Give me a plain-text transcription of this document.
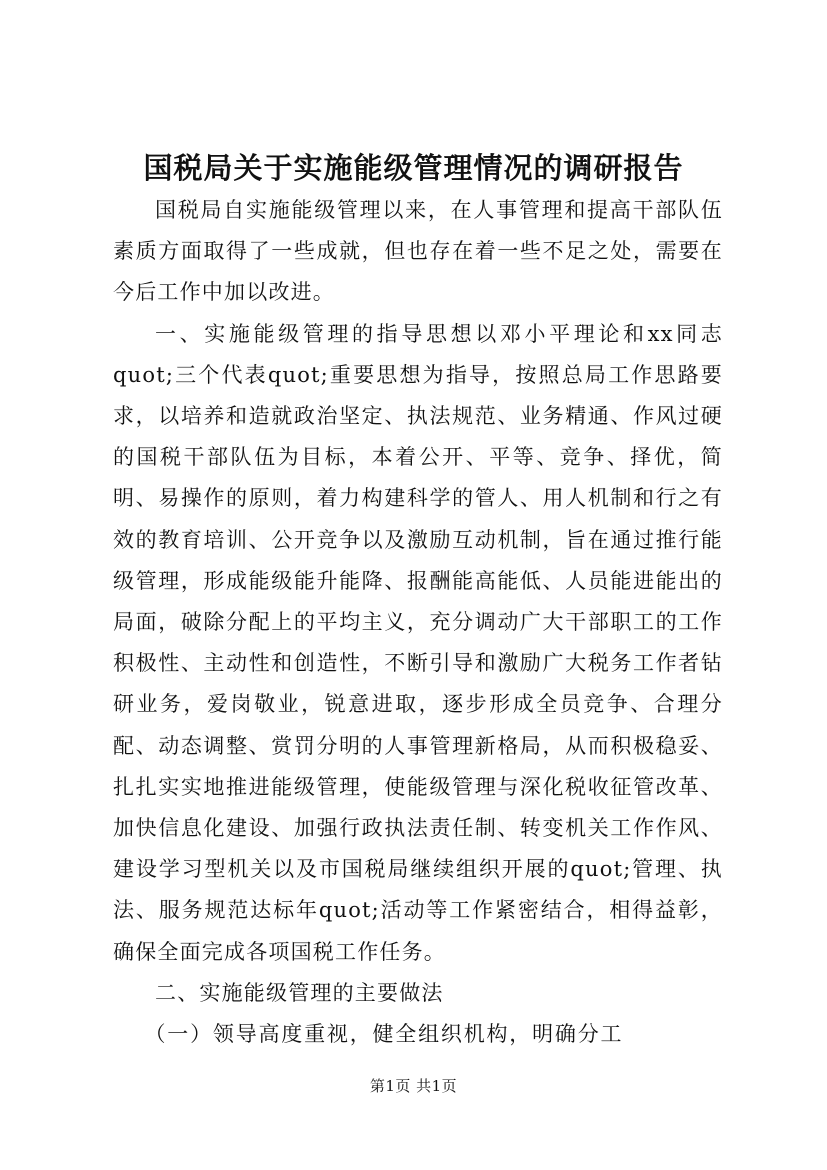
国税局关于实施能级管理情况的调研报告

国税局自实施能级管理以来，在人事管理和提高干部队伍素质方面取得了一些成就，但也存在着一些不足之处，需要在今后工作中加以改进。

一、实施能级管理的指导思想以邓小平理论和xx同志quot;三个代表quot;重要思想为指导，按照总局工作思路要求，以培养和造就政治坚定、执法规范、业务精通、作风过硬的国税干部队伍为目标，本着公开、平等、竞争、择优，简明、易操作的原则，着力构建科学的管人、用人机制和行之有效的教育培训、公开竞争以及激励互动机制，旨在通过推行能级管理，形成能级能升能降、报酬能高能低、人员能进能出的局面，破除分配上的平均主义，充分调动广大干部职工的工作积极性、主动性和创造性，不断引导和激励广大税务工作者钻研业务，爱岗敬业，锐意进取，逐步形成全员竞争、合理分配、动态调整、赏罚分明的人事管理新格局，从而积极稳妥、扎扎实实地推进能级管理，使能级管理与深化税收征管改革、加快信息化建设、加强行政执法责任制、转变机关工作作风、建设学习型机关以及市国税局继续组织开展的quot;管理、执法、服务规范达标年quot;活动等工作紧密结合，相得益彰，确保全面完成各项国税工作任务。

二、实施能级管理的主要做法

（一）领导高度重视，健全组织机构，明确分工

第1页 共1页
